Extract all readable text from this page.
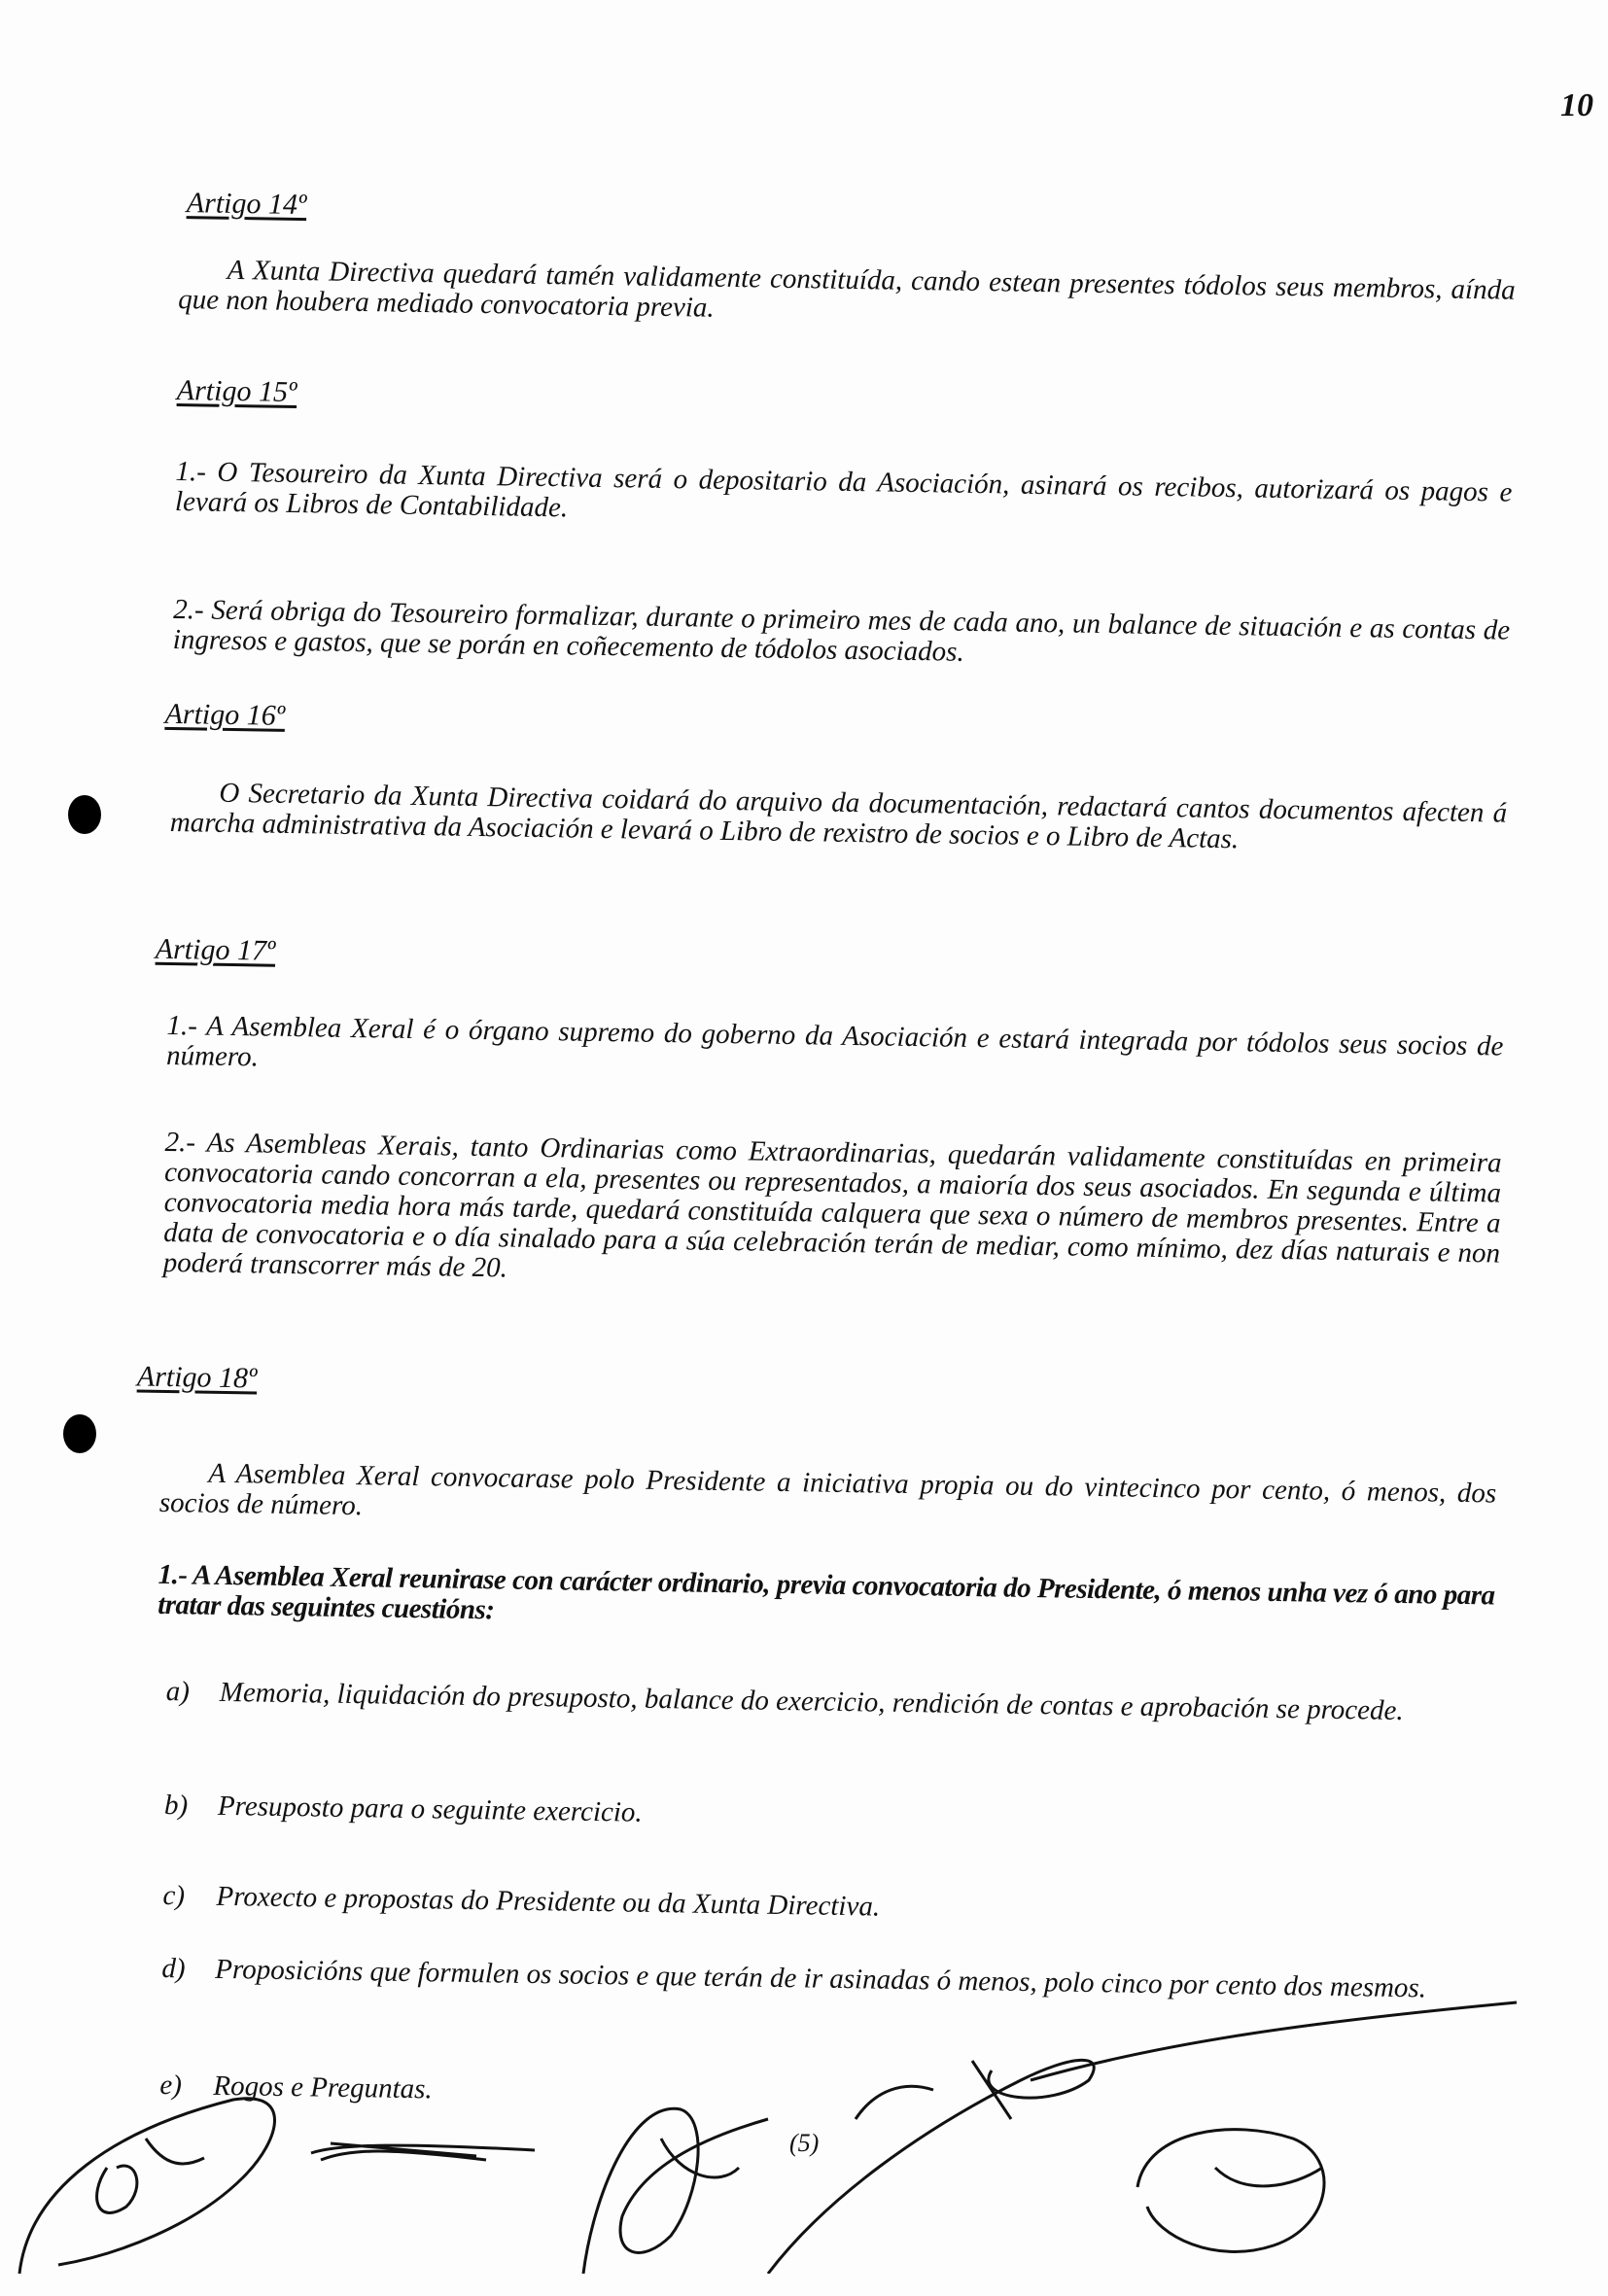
10
Artigo 14º
A Xunta Directiva quedará tamén validamente constituída, cando estean presentes tódolos seus membros, aínda que non houbera mediado convocatoria previa.
Artigo 15º
1.- O Tesoureiro da Xunta Directiva será o depositario da Asociación, asinará os recibos, autorizará os pagos e levará os Libros de Contabilidade.
2.- Será obriga do Tesoureiro formalizar, durante o primeiro mes de cada ano, un balance de situación e as contas de ingresos e gastos, que se porán en coñecemento de tódolos asociados.
Artigo 16º
O Secretario da Xunta Directiva coidará do arquivo da documentación, redactará cantos documentos afecten á marcha administrativa da Asociación e levará o Libro de rexistro de socios e o Libro de Actas.
Artigo 17º
1.- A Asemblea Xeral é o órgano supremo do goberno da Asociación e estará integrada por tódolos seus socios de número.
2.- As Asembleas Xerais, tanto Ordinarias como Extraordinarias, quedarán validamente constituídas en primeira convocatoria cando concorran a ela, presentes ou representados, a maioría dos seus asociados. En segunda e última convocatoria media hora más tarde, quedará constituída calquera que sexa o número de membros presentes. Entre a data de convocatoria e o día sinalado para a súa celebración terán de mediar, como mínimo, dez días naturais e non poderá transcorrer más de 20.
Artigo 18º
A Asemblea Xeral convocarase polo Presidente a iniciativa propia ou do vintecinco por cento, ó menos, dos socios de número.
1.- A Asemblea Xeral reunirase con carácter ordinario, previa convocatoria do Presidente, ó menos unha vez ó ano para tratar das seguintes cuestións:
a)	Memoria, liquidación do presuposto, balance do exercicio, rendición de contas e aprobación se procede.
b)	Presuposto para o seguinte exercicio.
c)	Proxecto e propostas do Presidente ou da Xunta Directiva.
d)	Proposicións que formulen os socios e que terán de ir asinadas ó menos, polo cinco por cento dos mesmos.
e)	Rogos e Preguntas.
(5)
